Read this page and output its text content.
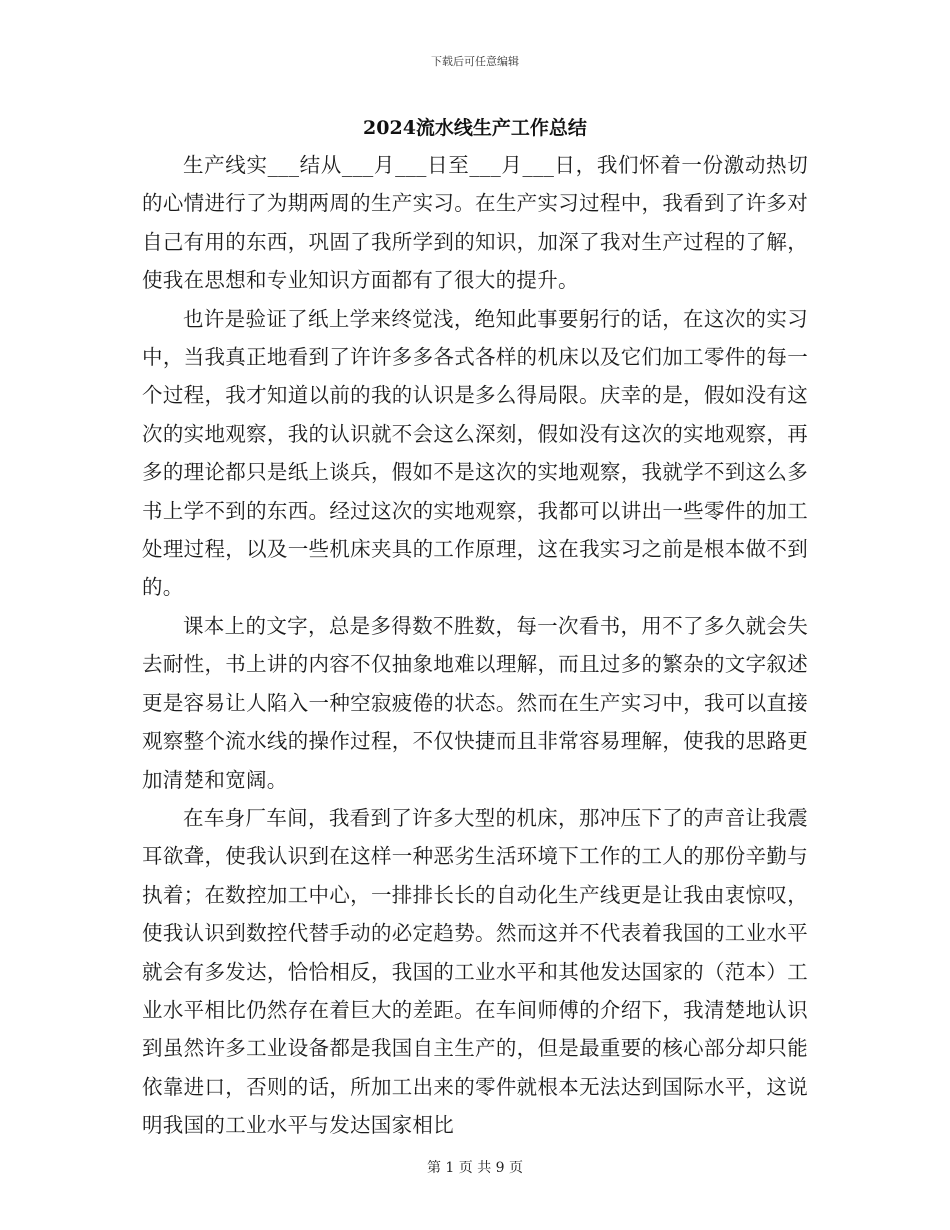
下载后可任意编辑
2024流水线生产工作总结

生产线实___结从___月___日至___月___日，我们怀着一份激动热切的心情进行了为期两周的生产实习。在生产实习过程中，我看到了许多对自己有用的东西，巩固了我所学到的知识，加深了我对生产过程的了解，使我在思想和专业知识方面都有了很大的提升。

也许是验证了纸上学来终觉浅，绝知此事要躬行的话，在这次的实习中，当我真正地看到了许许多多各式各样的机床以及它们加工零件的每一个过程，我才知道以前的我的认识是多么得局限。庆幸的是，假如没有这次的实地观察，我的认识就不会这么深刻，假如没有这次的实地观察，再多的理论都只是纸上谈兵，假如不是这次的实地观察，我就学不到这么多书上学不到的东西。经过这次的实地观察，我都可以讲出一些零件的加工处理过程，以及一些机床夹具的工作原理，这在我实习之前是根本做不到的。

课本上的文字，总是多得数不胜数，每一次看书，用不了多久就会失去耐性，书上讲的内容不仅抽象地难以理解，而且过多的繁杂的文字叙述更是容易让人陷入一种空寂疲倦的状态。然而在生产实习中，我可以直接观察整个流水线的操作过程，不仅快捷而且非常容易理解，使我的思路更加清楚和宽阔。

在车身厂车间，我看到了许多大型的机床，那冲压下了的声音让我震耳欲聋，使我认识到在这样一种恶劣生活环境下工作的工人的那份辛勤与执着；在数控加工中心，一排排长长的自动化生产线更是让我由衷惊叹，使我认识到数控代替手动的必定趋势。然而这并不代表着我国的工业水平就会有多发达，恰恰相反，我国的工业水平和其他发达国家的（范本）工业水平相比仍然存在着巨大的差距。在车间师傅的介绍下，我清楚地认识到虽然许多工业设备都是我国自主生产的，但是最重要的核心部分却只能依靠进口，否则的话，所加工出来的零件就根本无法达到国际水平，这说明我国的工业水平与发达国家相比

第 1 页 共 9 页
